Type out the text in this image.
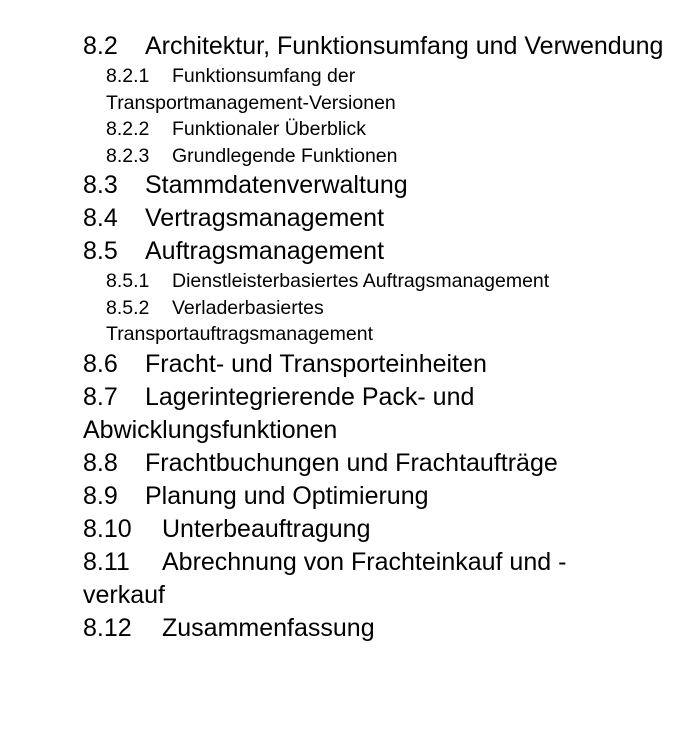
8.2 Architektur, Funktionsumfang und Verwendung
8.2.1 Funktionsumfang der Transportmanagement-Versionen
8.2.2 Funktionaler Überblick
8.2.3 Grundlegende Funktionen
8.3 Stammdatenverwaltung
8.4 Vertragsmanagement
8.5 Auftragsmanagement
8.5.1 Dienstleisterbasiertes Auftragsmanagement
8.5.2 Verladerbasiertes Transportauftragsmanagement
8.6 Fracht- und Transporteinheiten
8.7 Lagerintegrierende Pack- und Abwicklungsfunktionen
8.8 Frachtbuchungen und Frachtaufträge
8.9 Planung und Optimierung
8.10 Unterbeauftragung
8.11 Abrechnung von Frachteinkauf und -verkauf
8.12 Zusammenfassung
